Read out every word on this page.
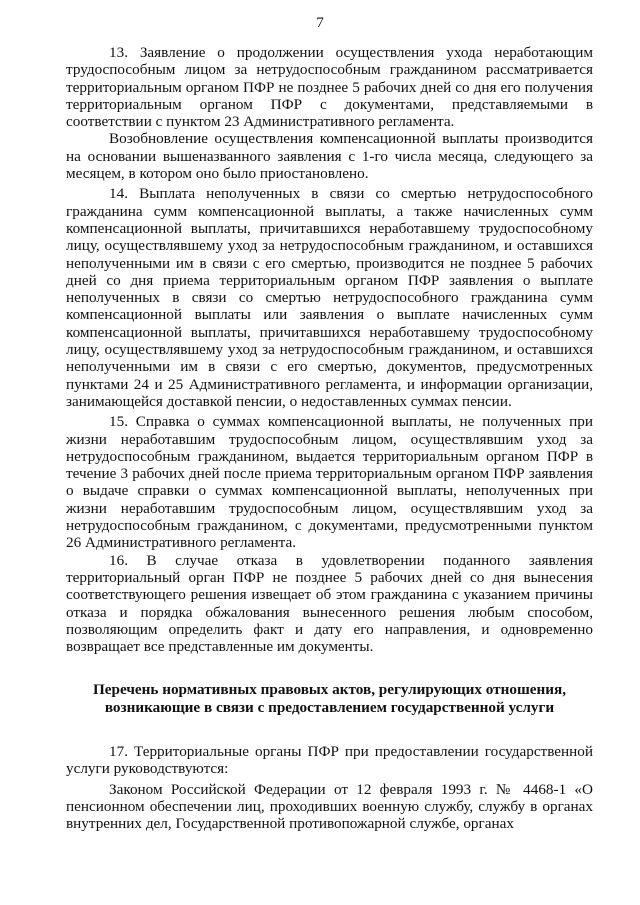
7

13. Заявление о продолжении осуществления ухода неработающим трудоспособным лицом за нетрудоспособным гражданином рассматривается территориальным органом ПФР не позднее 5 рабочих дней со дня его получения территориальным органом ПФР с документами, представляемыми в соответствии с пунктом 23 Административного регламента.

Возобновление осуществления компенсационной выплаты производится на основании вышеназванного заявления с 1-го числа месяца, следующего за месяцем, в котором оно было приостановлено.

14. Выплата неполученных в связи со смертью нетрудоспособного гражданина сумм компенсационной выплаты, а также начисленных сумм компенсационной выплаты, причитавшихся неработавшему трудоспособному лицу, осуществлявшему уход за нетрудоспособным гражданином, и оставшихся неполученными им в связи с его смертью, производится не позднее 5 рабочих дней со дня приема территориальным органом ПФР заявления о выплате неполученных в связи со смертью нетрудоспособного гражданина сумм компенсационной выплаты или заявления о выплате начисленных сумм компенсационной выплаты, причитавшихся неработавшему трудоспособному лицу, осуществлявшему уход за нетрудоспособным гражданином, и оставшихся неполученными им в связи с его смертью, документов, предусмотренных пунктами 24 и 25 Административного регламента, и информации организации, занимающейся доставкой пенсии, о недоставленных суммах пенсии.

15. Справка о суммах компенсационной выплаты, не полученных при жизни неработавшим трудоспособным лицом, осуществлявшим уход за нетрудоспособным гражданином, выдается территориальным органом ПФР в течение 3 рабочих дней после приема территориальным органом ПФР заявления о выдаче справки о суммах компенсационной выплаты, неполученных при жизни неработавшим трудоспособным лицом, осуществлявшим уход за нетрудоспособным гражданином, с документами, предусмотренными пунктом 26 Административного регламента.

16. В случае отказа в удовлетворении поданного заявления территориальный орган ПФР не позднее 5 рабочих дней со дня вынесения соответствующего решения извещает об этом гражданина с указанием причины отказа и порядка обжалования вынесенного решения любым способом, позволяющим определить факт и дату его направления, и одновременно возвращает все представленные им документы.

Перечень нормативных правовых актов, регулирующих отношения, возникающие в связи с предоставлением государственной услуги

17. Территориальные органы ПФР при предоставлении государственной услуги руководствуются:

Законом Российской Федерации от 12 февраля 1993 г. № 4468-1 «О пенсионном обеспечении лиц, проходивших военную службу, службу в органах внутренних дел, Государственной противопожарной службе, органах
